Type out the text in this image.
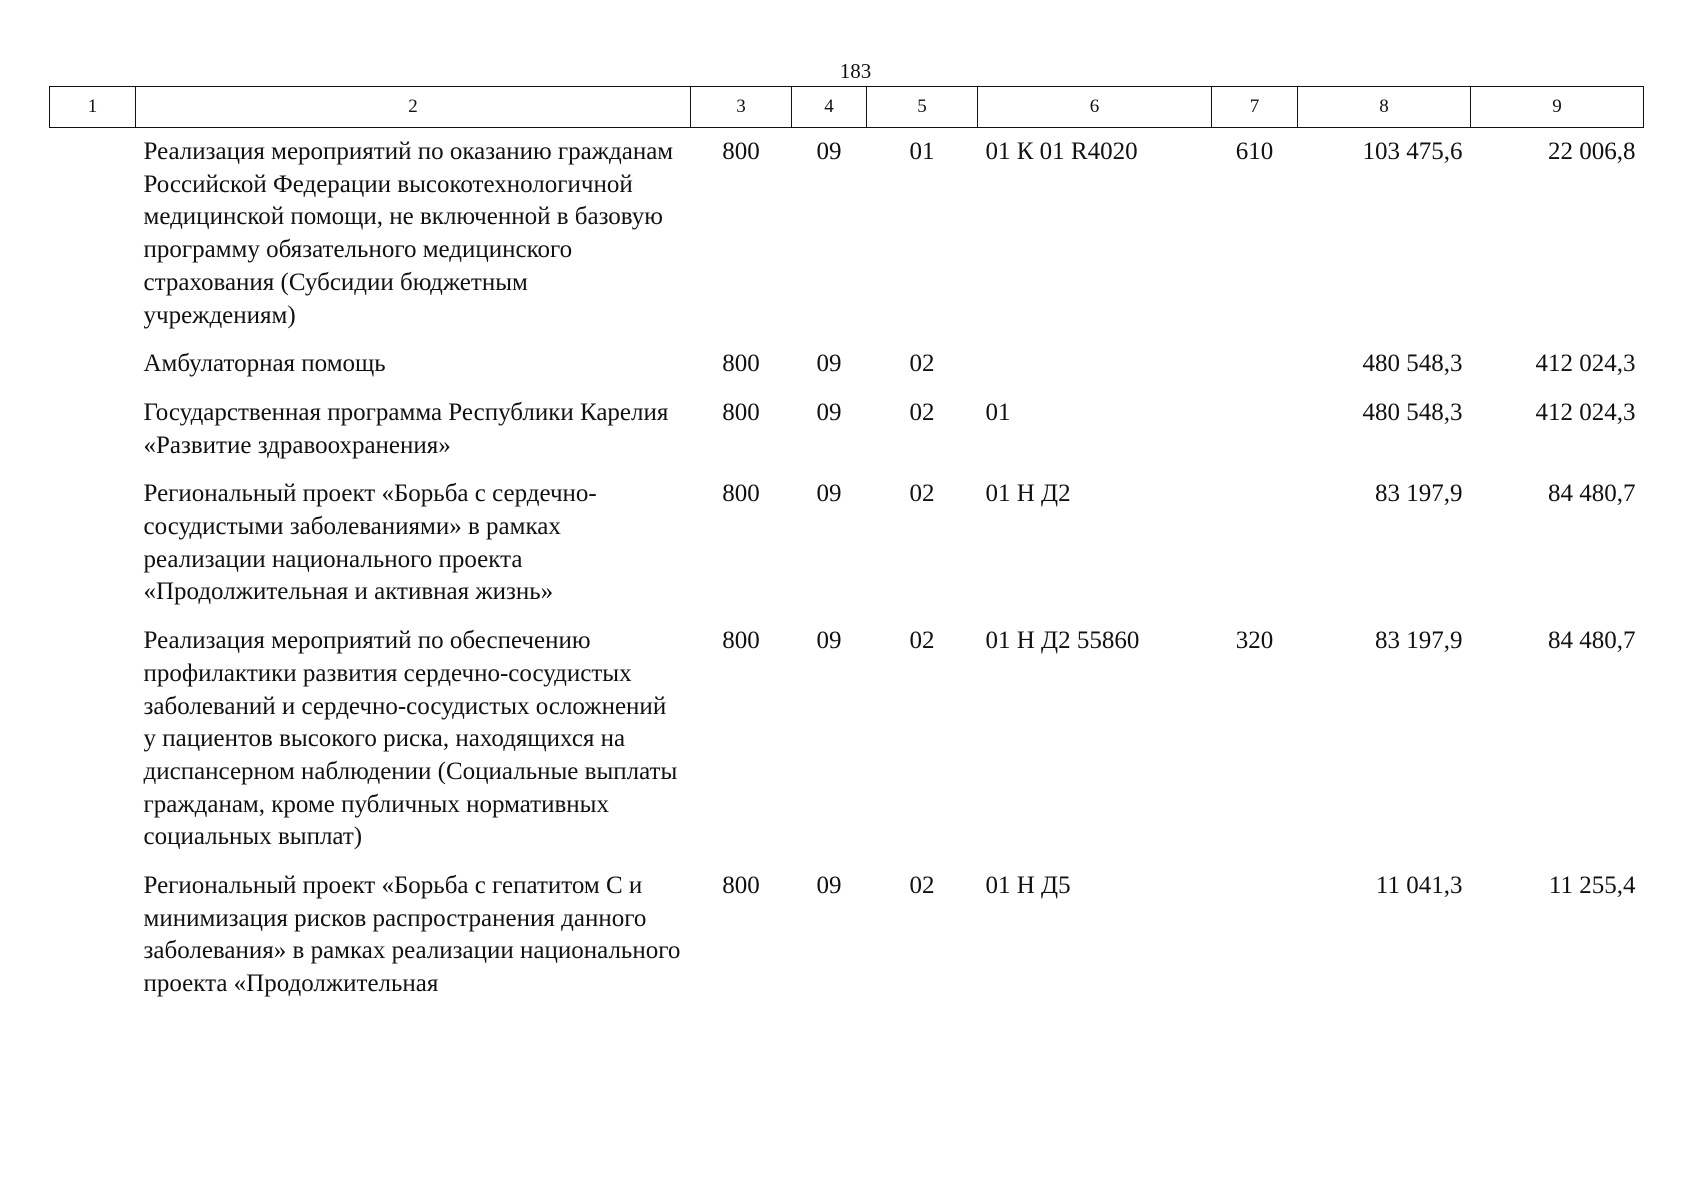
183
1	2	3	4	5	6	7	8	9
	Реализация мероприятий по оказанию гражданам Российской Федерации высокотехнологичной медицинской помощи, не включенной в базовую программу обязательного медицинского страхования (Субсидии бюджетным учреждениям)	800	09	01	01 К 01 R4020	610	103 475,6	22 006,8
	Амбулаторная помощь	800	09	02			480 548,3	412 024,3
	Государственная программа Республики Карелия «Развитие здравоохранения»	800	09	02	01		480 548,3	412 024,3
	Региональный проект «Борьба с сердечно-сосудистыми заболеваниями» в рамках реализации национального проекта «Продолжительная и активная жизнь»	800	09	02	01 Н Д2		83 197,9	84 480,7
	Реализация мероприятий по обеспечению профилактики развития сердечно-сосудистых заболеваний и сердечно-сосудистых осложнений у пациентов высокого риска, находящихся на диспансерном наблюдении (Социальные выплаты гражданам, кроме публичных нормативных социальных выплат)	800	09	02	01 Н Д2 55860	320	83 197,9	84 480,7
	Региональный проект «Борьба с гепатитом С и минимизация рисков распространения данного заболевания» в рамках реализации национального проекта «Продолжительная	800	09	02	01 Н Д5		11 041,3	11 255,4
